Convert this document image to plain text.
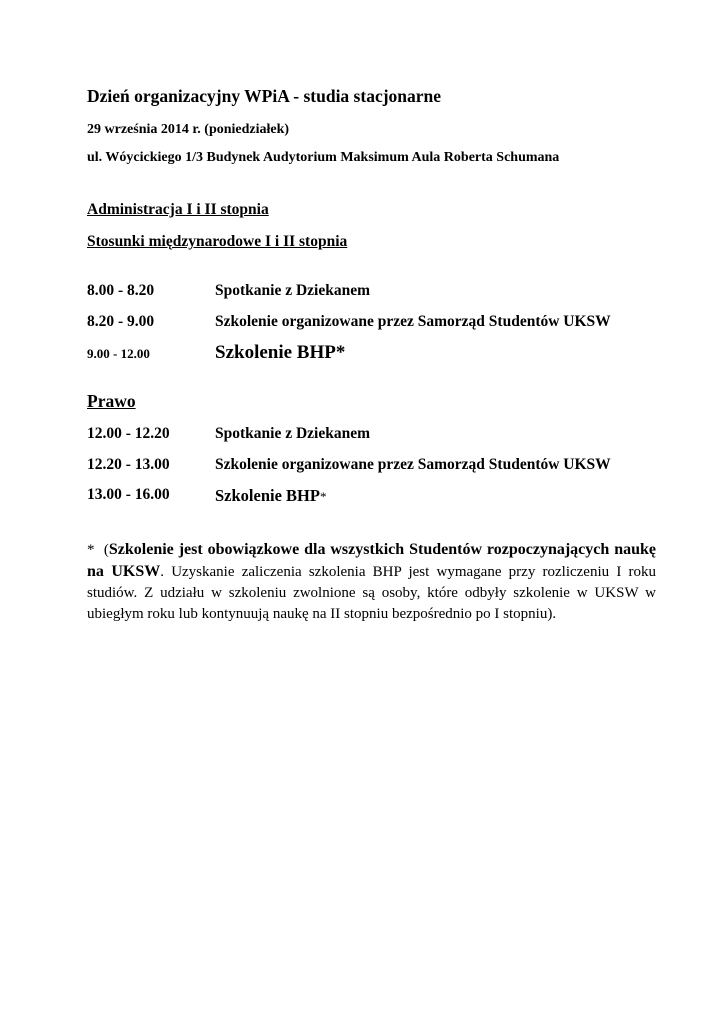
Dzień organizacyjny WPiA - studia stacjonarne
29 września 2014 r. (poniedziałek)
ul. Wóycickiego 1/3 Budynek Audytorium Maksimum Aula Roberta Schumana
Administracja I i II stopnia
Stosunki międzynarodowe I i II stopnia
8.00 - 8.20	Spotkanie z Dziekanem
8.20 - 9.00	Szkolenie organizowane przez Samorząd Studentów UKSW
9.00 - 12.00	Szkolenie BHP*
Prawo
12.00 - 12.20	Spotkanie z Dziekanem
12.20 - 13.00	Szkolenie organizowane przez Samorząd Studentów UKSW
13.00 - 16.00	Szkolenie BHP*
* (Szkolenie jest obowiązkowe dla wszystkich Studentów rozpoczynających naukę na UKSW. Uzyskanie zaliczenia szkolenia BHP jest wymagane przy rozliczeniu I roku studiów. Z udziału w szkoleniu zwolnione są osoby, które odbyły szkolenie w UKSW w ubiegłym roku lub kontynuują naukę na II stopniu bezpośrednio po I stopniu).
